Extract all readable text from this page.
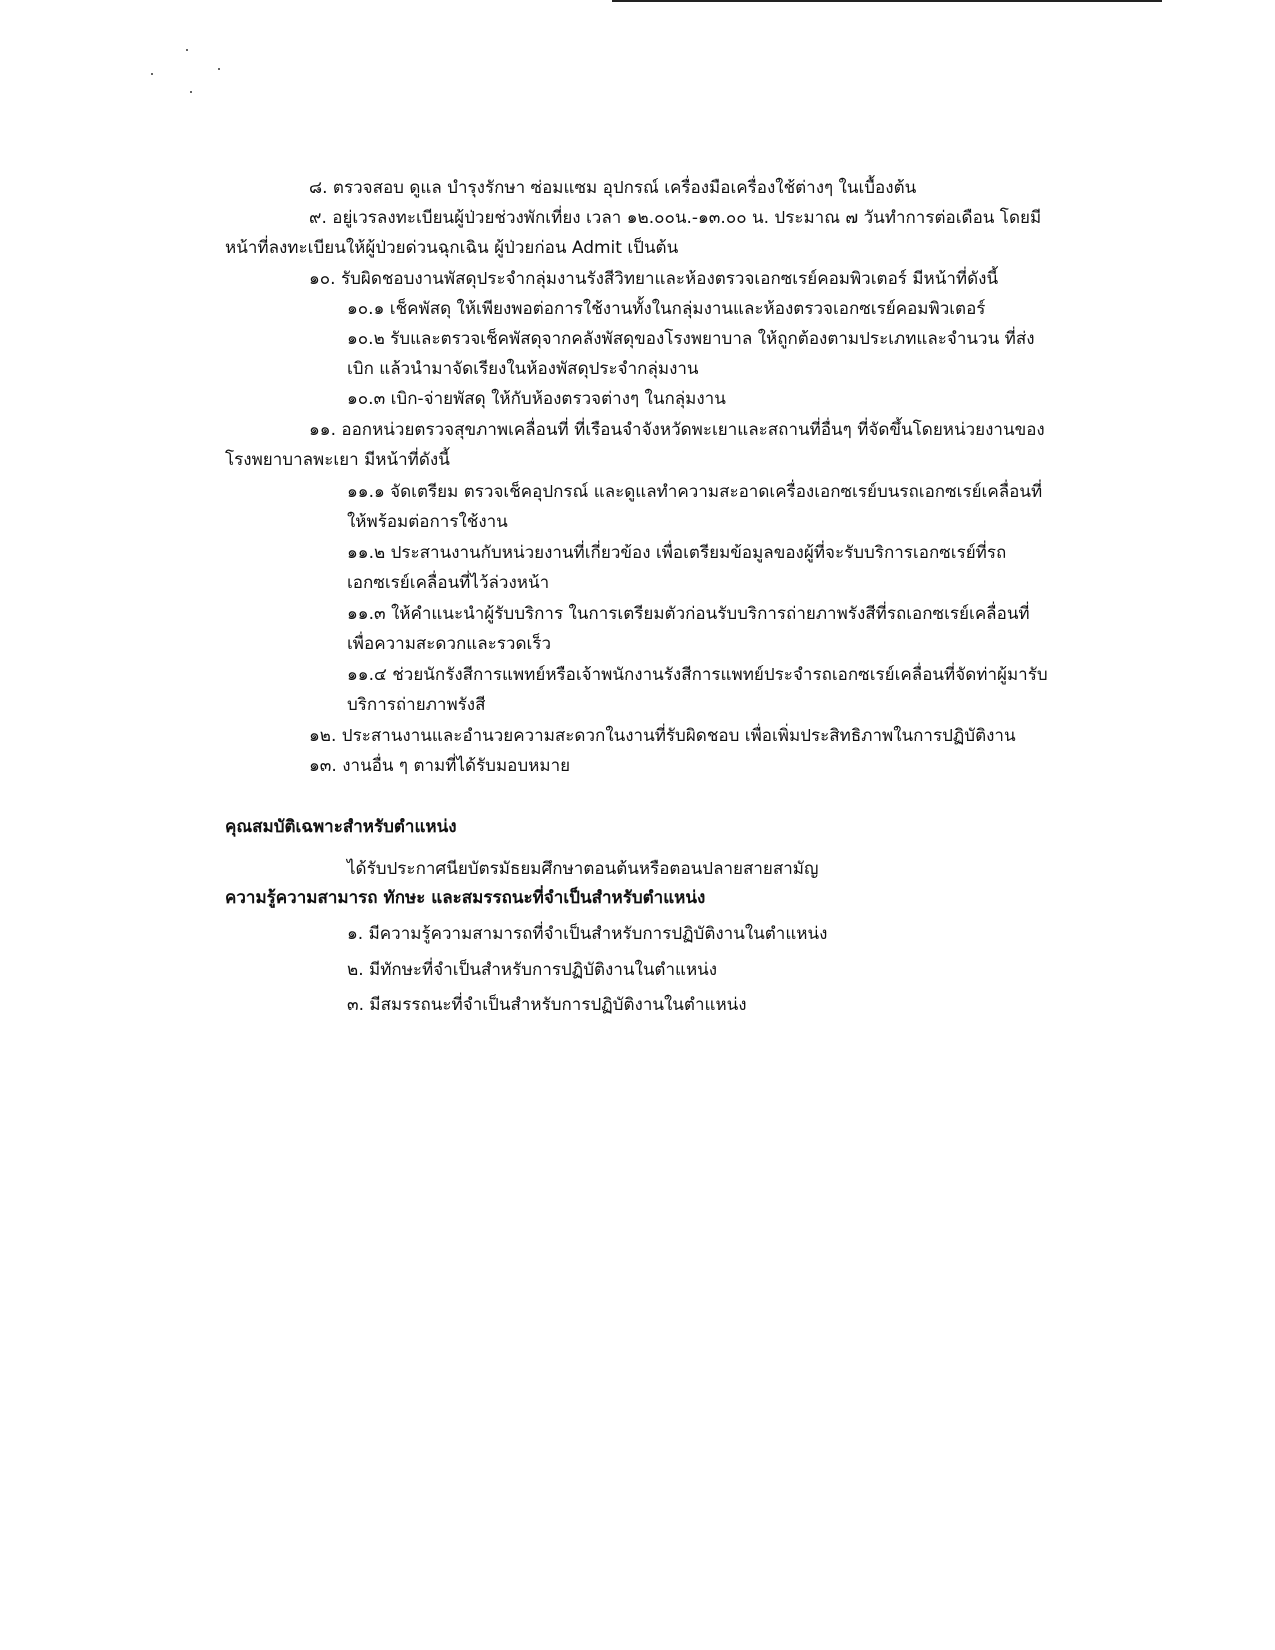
๘. ตรวจสอบ ดูแล บำรุงรักษา ซ่อมแซม อุปกรณ์ เครื่องมือเครื่องใช้ต่างๆ ในเบื้องต้น
๙. อยู่เวรลงทะเบียนผู้ป่วยช่วงพักเที่ยง เวลา ๑๒.๐๐น.-๑๓.๐๐ น. ประมาณ ๗ วันทำการต่อเดือน โดยมี
หน้าที่ลงทะเบียนให้ผู้ป่วยด่วนฉุกเฉิน ผู้ป่วยก่อน Admit เป็นต้น
๑๐. รับผิดชอบงานพัสดุประจำกลุ่มงานรังสีวิทยาและห้องตรวจเอกซเรย์คอมพิวเตอร์ มีหน้าที่ดังนี้
๑๐.๑ เช็คพัสดุ ให้เพียงพอต่อการใช้งานทั้งในกลุ่มงานและห้องตรวจเอกซเรย์คอมพิวเตอร์
๑๐.๒ รับและตรวจเช็คพัสดุจากคลังพัสดุของโรงพยาบาล ให้ถูกต้องตามประเภทและจำนวน ที่ส่ง
เบิก แล้วนำมาจัดเรียงในห้องพัสดุประจำกลุ่มงาน
๑๐.๓ เบิก-จ่ายพัสดุ ให้กับห้องตรวจต่างๆ ในกลุ่มงาน
๑๑. ออกหน่วยตรวจสุขภาพเคลื่อนที่ ที่เรือนจำจังหวัดพะเยาและสถานที่อื่นๆ ที่จัดขึ้นโดยหน่วยงานของ
โรงพยาบาลพะเยา มีหน้าที่ดังนี้
๑๑.๑ จัดเตรียม ตรวจเช็คอุปกรณ์ และดูแลทำความสะอาดเครื่องเอกซเรย์บนรถเอกซเรย์เคลื่อนที่
ให้พร้อมต่อการใช้งาน
๑๑.๒ ประสานงานกับหน่วยงานที่เกี่ยวข้อง เพื่อเตรียมข้อมูลของผู้ที่จะรับบริการเอกซเรย์ที่รถ
เอกซเรย์เคลื่อนที่ไว้ล่วงหน้า
๑๑.๓ ให้คำแนะนำผู้รับบริการ ในการเตรียมตัวก่อนรับบริการถ่ายภาพรังสีที่รถเอกซเรย์เคลื่อนที่
เพื่อความสะดวกและรวดเร็ว
๑๑.๔ ช่วยนักรังสีการแพทย์หรือเจ้าพนักงานรังสีการแพทย์ประจำรถเอกซเรย์เคลื่อนที่จัดท่าผู้มารับ
บริการถ่ายภาพรังสี
๑๒. ประสานงานและอำนวยความสะดวกในงานที่รับผิดชอบ เพื่อเพิ่มประสิทธิภาพในการปฏิบัติงาน
๑๓. งานอื่น ๆ ตามที่ได้รับมอบหมาย
คุณสมบัติเฉพาะสำหรับตำแหน่ง
ได้รับประกาศนียบัตรมัธยมศึกษาตอนต้นหรือตอนปลายสายสามัญ
ความรู้ความสามารถ ทักษะ และสมรรถนะที่จำเป็นสำหรับตำแหน่ง
๑. มีความรู้ความสามารถที่จำเป็นสำหรับการปฏิบัติงานในตำแหน่ง
๒. มีทักษะที่จำเป็นสำหรับการปฏิบัติงานในตำแหน่ง
๓. มีสมรรถนะที่จำเป็นสำหรับการปฏิบัติงานในตำแหน่ง
